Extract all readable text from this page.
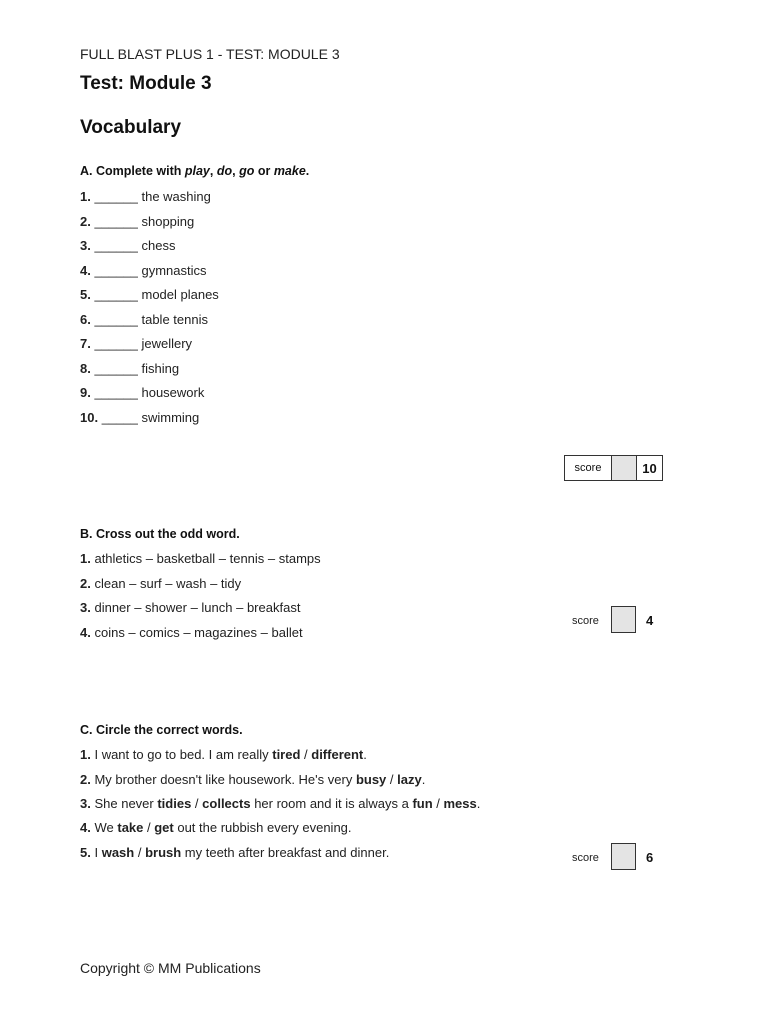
FULL BLAST PLUS 1 - TEST: MODULE 3
Test: Module 3
Vocabulary
A. Complete with play, do, go or make.
1. ______ the washing
2. ______ shopping
3. ______ chess
4. ______ gymnastics
5. ______ model planes
6. ______ table tennis
7. ______ jewellery
8. ______ fishing
9. ______ housework
10. _____ swimming
score	10
B. Cross out the odd word.
1. athletics – basketball – tennis – stamps
2. clean – surf – wash – tidy
3. dinner – shower – lunch – breakfast
4. coins – comics – magazines – ballet
score	4
C. Circle the correct words.
1. I want to go to bed. I am really tired / different.
2. My brother doesn't like housework. He's very busy / lazy.
3. She never tidies / collects her room and it is always a fun / mess.
4. We take / get out the rubbish every evening.
5. I wash / brush my teeth after breakfast and dinner.	score	6
Copyright © MM Publications
